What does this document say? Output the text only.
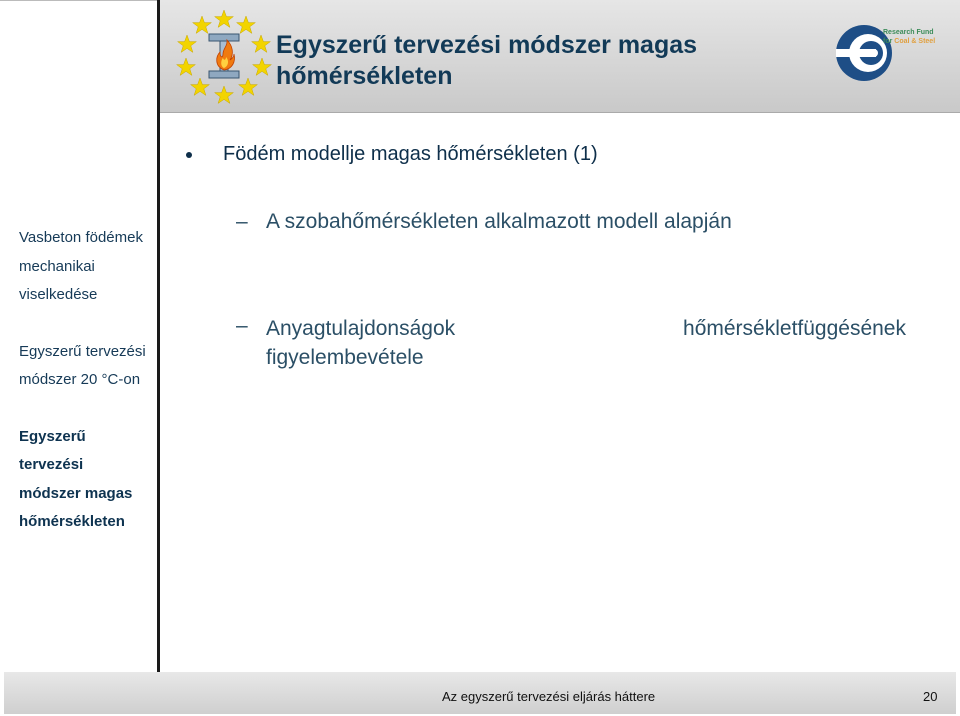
Egyszerű tervezési módszer magas
hőmérsékleten
Research Fund
for Coal & Steel
Vasbeton födémek
mechanikai
viselkedése
Egyszerű tervezési
módszer 20 °C-on
Egyszerű
tervezési
módszer magas
hőmérsékleten
Födém modellje magas hőmérsékleten (1)
– A szobahőmérsékleten alkalmazott modell alapján
– Anyagtulajdonságok	hőmérsékletfüggésének
figyelembevétele
Az egyszerű tervezési eljárás háttere	20
